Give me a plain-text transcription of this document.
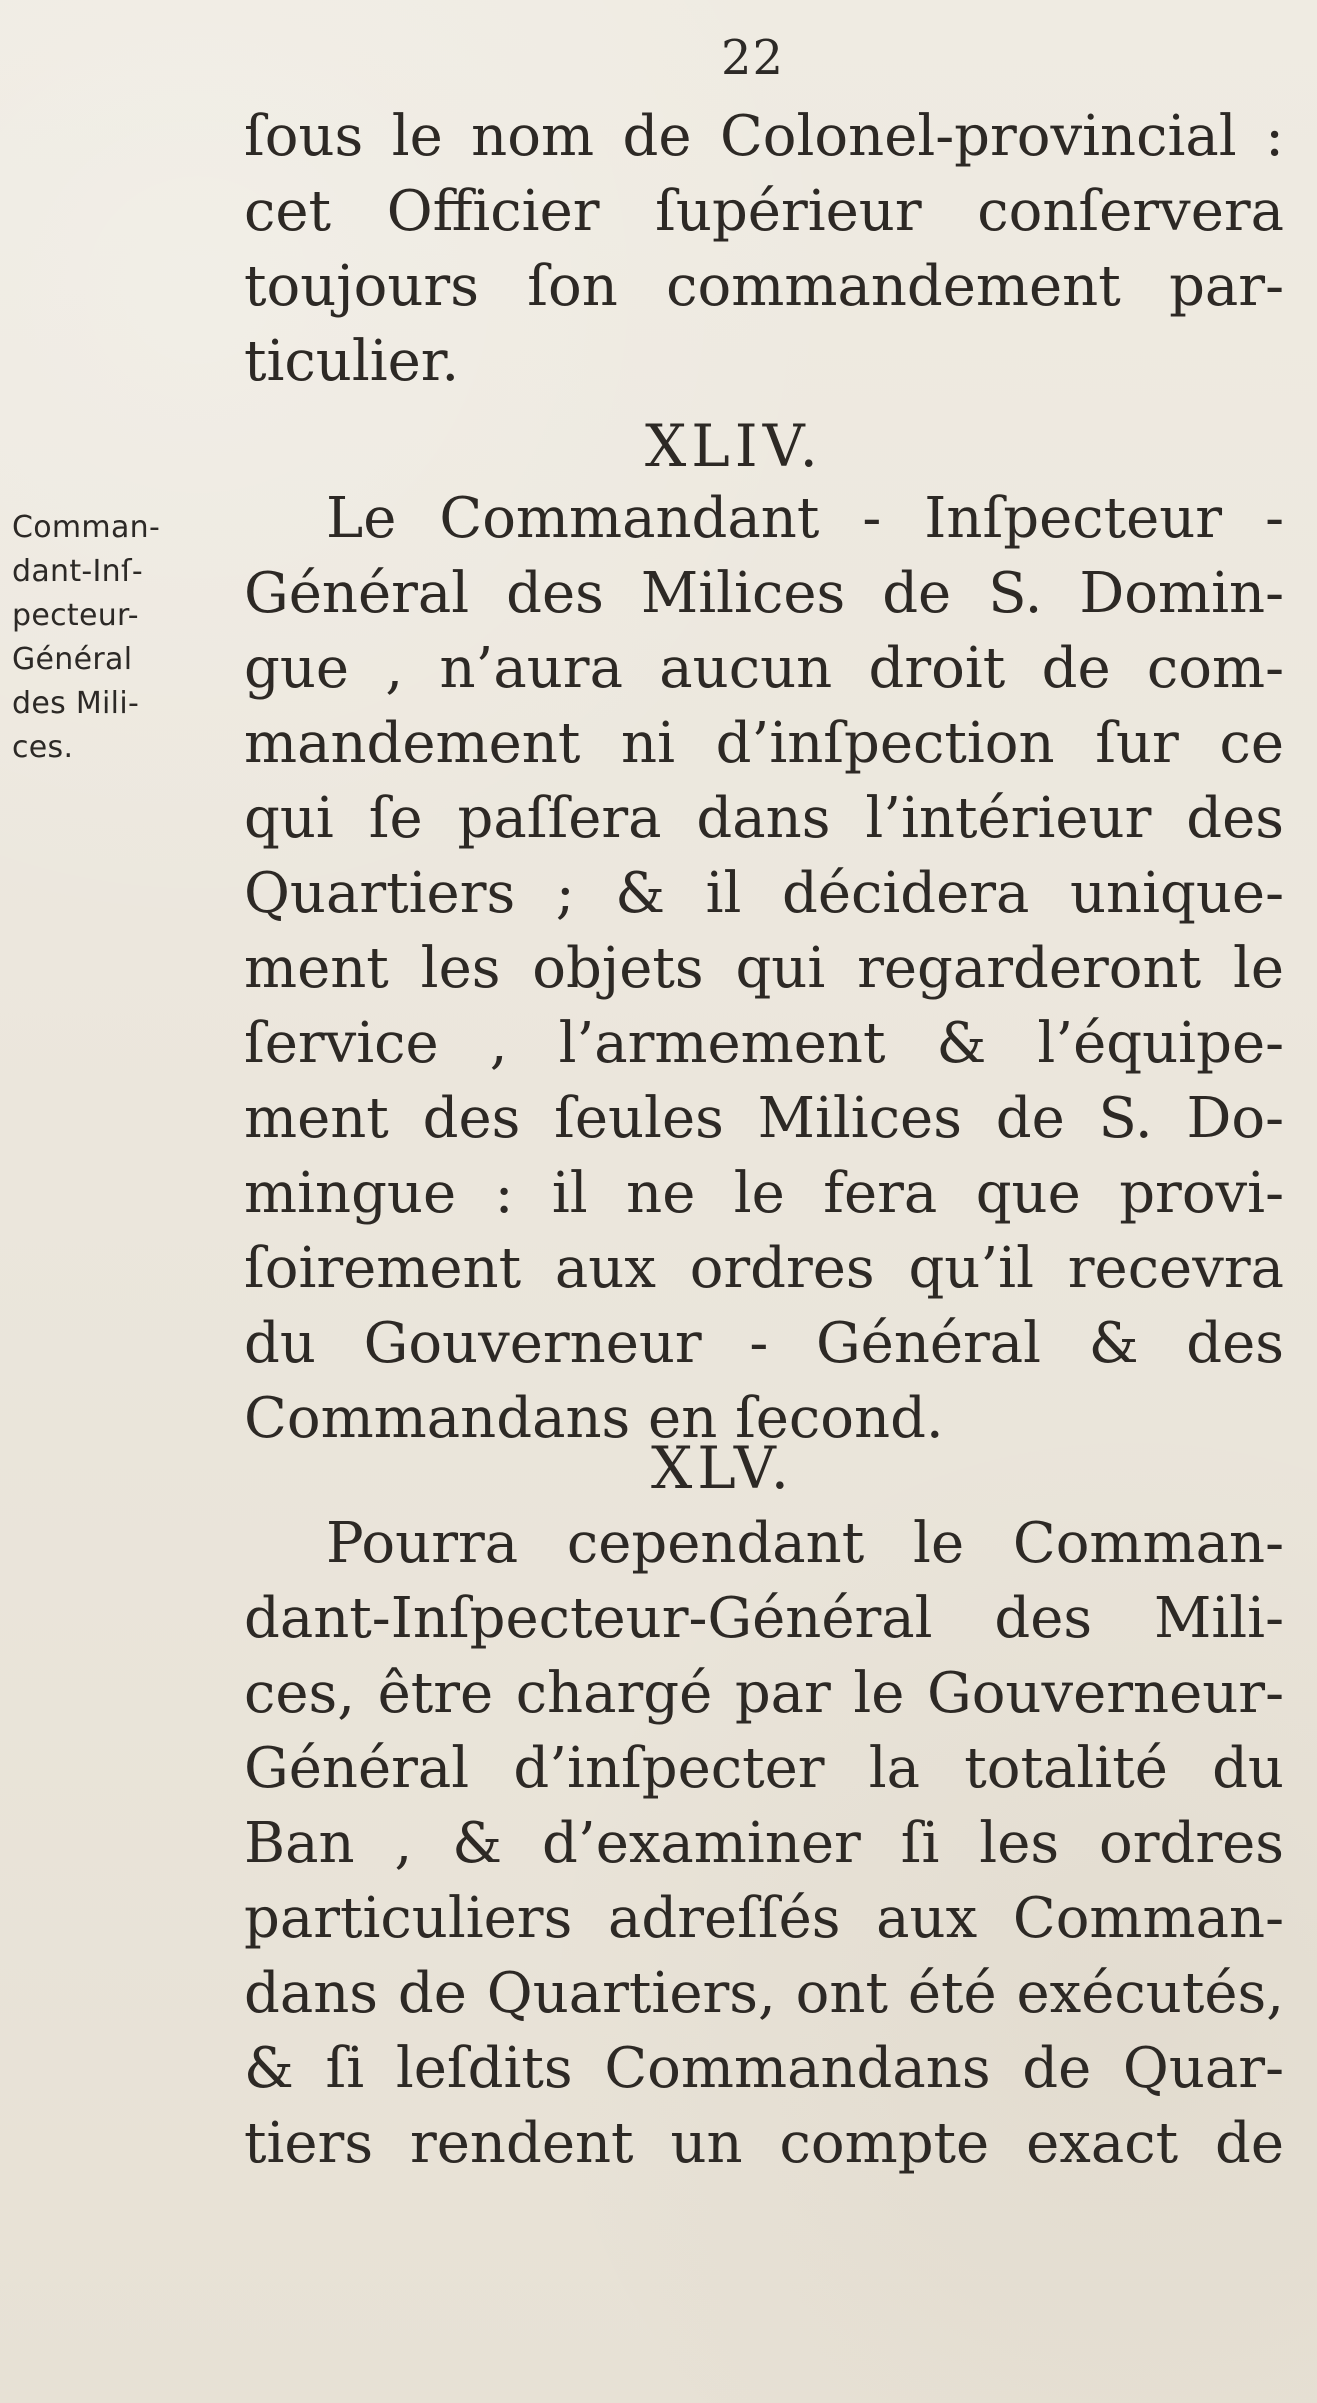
22

ſous le nom de Colonel-provincial :
cet Officier ſupérieur conſervera
toujours ſon commandement par-
ticulier.

XLIV.
Comman-
dant-Inſ-
pecteur-
Général
des Mili-
ces.

Le Commandant - Inſpecteur -
Général des Milices de S. Domin-
gue , n’aura aucun droit de com-
mandement ni d’inſpection ſur ce
qui ſe paſſera dans l’intérieur des
Quartiers ; & il décidera unique-
ment les objets qui regarderont le
ſervice , l’armement & l’équipe-
ment des ſeules Milices de S. Do-
mingue : il ne le fera que provi-
ſoirement aux ordres qu’il recevra
du Gouverneur - Général & des
Commandans en ſecond.

XLV.

Pourra cependant le Comman-
dant-Inſpecteur-Général des Mili-
ces, être chargé par le Gouverneur-
Général d’inſpecter la totalité du
Ban , & d’examiner ſi les ordres
particuliers adreſſés aux Comman-
dans de Quartiers, ont été exécutés,
& ſi leſdits Commandans de Quar-
tiers rendent un compte exact de
